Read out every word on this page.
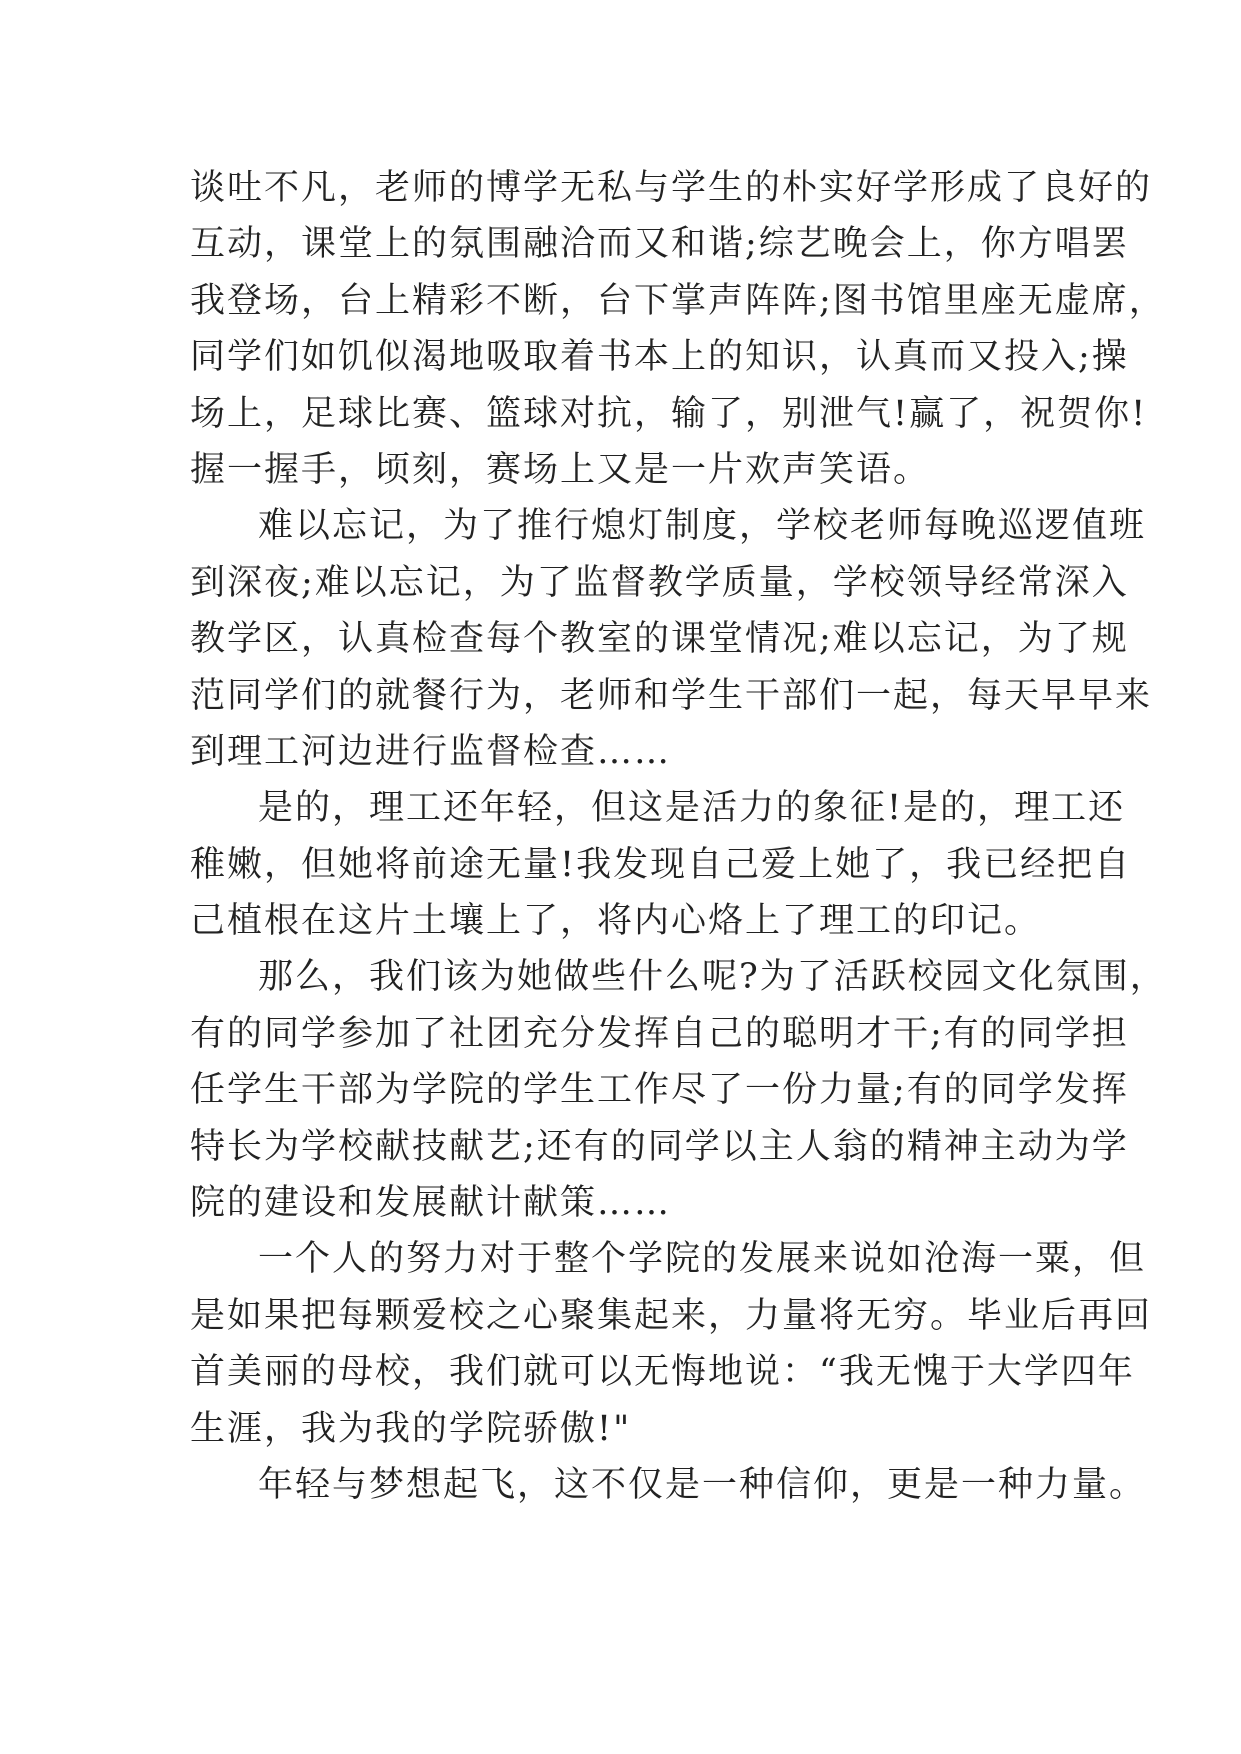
谈吐不凡，老师的博学无私与学生的朴实好学形成了良好的
互动，课堂上的氛围融洽而又和谐;综艺晚会上，你方唱罢
我登场，台上精彩不断，台下掌声阵阵;图书馆里座无虚席，
同学们如饥似渴地吸取着书本上的知识，认真而又投入;操
场上，足球比赛、篮球对抗，输了，别泄气!赢了，祝贺你!
握一握手，顷刻，赛场上又是一片欢声笑语。
难以忘记，为了推行熄灯制度，学校老师每晚巡逻值班
到深夜;难以忘记，为了监督教学质量，学校领导经常深入
教学区，认真检查每个教室的课堂情况;难以忘记，为了规
范同学们的就餐行为，老师和学生干部们一起，每天早早来
到理工河边进行监督检查……
是的，理工还年轻，但这是活力的象征!是的，理工还
稚嫩，但她将前途无量!我发现自己爱上她了，我已经把自
己植根在这片土壤上了，将内心烙上了理工的印记。
那么，我们该为她做些什么呢?为了活跃校园文化氛围，
有的同学参加了社团充分发挥自己的聪明才干;有的同学担
任学生干部为学院的学生工作尽了一份力量;有的同学发挥
特长为学校献技献艺;还有的同学以主人翁的精神主动为学
院的建设和发展献计献策……
一个人的努力对于整个学院的发展来说如沧海一粟，但
是如果把每颗爱校之心聚集起来，力量将无穷。毕业后再回
首美丽的母校，我们就可以无悔地说：“我无愧于大学四年
生涯，我为我的学院骄傲!"
年轻与梦想起飞，这不仅是一种信仰，更是一种力量。
